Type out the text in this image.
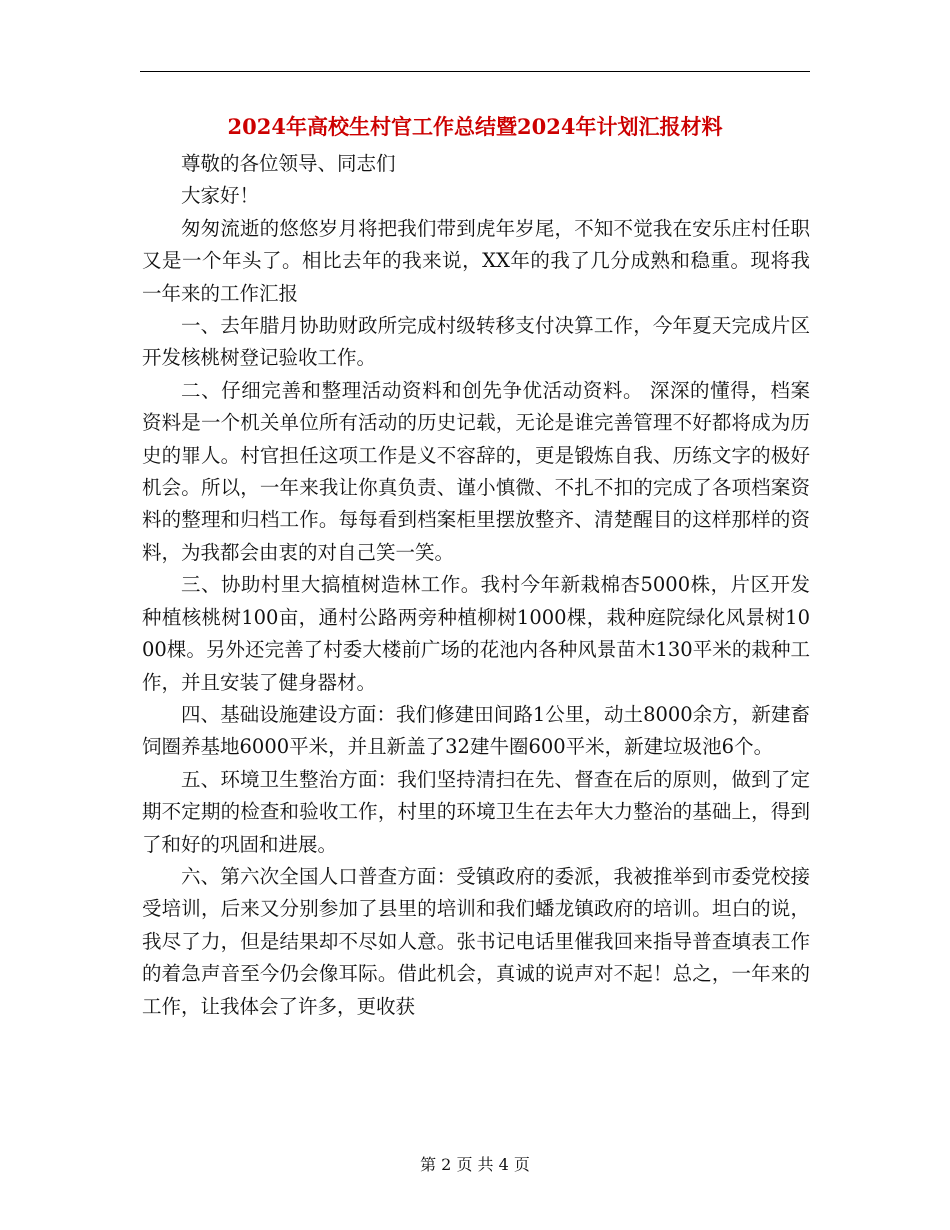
2024年高校生村官工作总结暨2024年计划汇报材料

尊敬的各位领导、同志们

大家好！

匆匆流逝的悠悠岁月将把我们带到虎年岁尾，不知不觉我在安乐庄村任职又是一个年头了。相比去年的我来说，XX年的我了几分成熟和稳重。现将我一年来的工作汇报

一、去年腊月协助财政所完成村级转移支付决算工作，今年夏天完成片区开发核桃树登记验收工作。

二、仔细完善和整理活动资料和创先争优活动资料。 深深的懂得，档案资料是一个机关单位所有活动的历史记载，无论是谁完善管理不好都将成为历史的罪人。村官担任这项工作是义不容辞的，更是锻炼自我、历练文字的极好机会。所以，一年来我让你真负责、谨小慎微、不扎不扣的完成了各项档案资料的整理和归档工作。每每看到档案柜里摆放整齐、清楚醒目的这样那样的资料，为我都会由衷的对自己笑一笑。

三、协助村里大搞植树造林工作。我村今年新栽棉杏5000株，片区开发种植核桃树100亩，通村公路两旁种植柳树1000棵，栽种庭院绿化风景树1000棵。另外还完善了村委大楼前广场的花池内各种风景苗木130平米的栽种工作，并且安装了健身器材。

四、基础设施建设方面：我们修建田间路1公里，动土8000余方，新建畜饲圈养基地6000平米，并且新盖了32建牛圈600平米，新建垃圾池6个。

五、环境卫生整治方面：我们坚持清扫在先、督查在后的原则，做到了定期不定期的检查和验收工作，村里的环境卫生在去年大力整治的基础上，得到了和好的巩固和进展。

六、第六次全国人口普查方面：受镇政府的委派，我被推举到市委党校接受培训，后来又分别参加了县里的培训和我们蟠龙镇政府的培训。坦白的说，我尽了力，但是结果却不尽如人意。张书记电话里催我回来指导普查填表工作的着急声音至今仍会像耳际。借此机会，真诚的说声对不起！总之，一年来的工作，让我体会了许多，更收获

第 2 页 共 4 页
